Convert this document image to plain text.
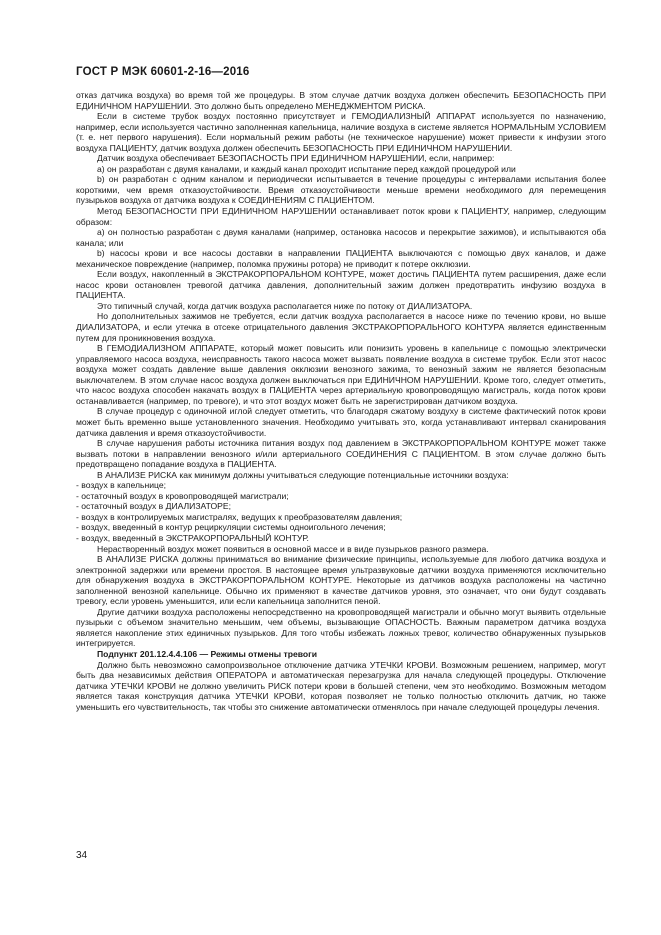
ГОСТ Р МЭК 60601-2-16—2016

отказ датчика воздуха) во время той же процедуры. В этом случае датчик воздуха должен обеспечить БЕЗОПАСНОСТЬ ПРИ ЕДИНИЧНОМ НАРУШЕНИИ. Это должно быть определено МЕНЕДЖМЕНТОМ РИСКА.

Если в системе трубок воздух постоянно присутствует и ГЕМОДИАЛИЗНЫЙ АППАРАТ используется по назначению, например, если используется частично заполненная капельница, наличие воздуха в системе является НОРМАЛЬНЫМ УСЛОВИЕМ (т. е. нет первого нарушения). Если нормальный режим работы (не техническое нарушение) может привести к инфузии этого воздуха ПАЦИЕНТУ, датчик воздуха должен обеспечить БЕЗОПАСНОСТЬ ПРИ ЕДИНИЧНОМ НАРУШЕНИИ.

Датчик воздуха обеспечивает БЕЗОПАСНОСТЬ ПРИ ЕДИНИЧНОМ НАРУШЕНИИ, если, например:

a) он разработан с двумя каналами, и каждый канал проходит испытание перед каждой процедурой или

b) он разработан с одним каналом и периодически испытывается в течение процедуры с интервалами испытания более короткими, чем время отказоустойчивости. Время отказоустойчивости меньше времени необходимого для перемещения пузырьков воздуха от датчика воздуха к СОЕДИНЕНИЯМ С ПАЦИЕНТОМ.

Метод БЕЗОПАСНОСТИ ПРИ ЕДИНИЧНОМ НАРУШЕНИИ останавливает поток крови к ПАЦИЕНТУ, например, следующим образом:

a) он полностью разработан с двумя каналами (например, остановка насосов и перекрытие зажимов), и испытываются оба канала; или

b) насосы крови и все насосы доставки в направлении ПАЦИЕНТА выключаются с помощью двух каналов, и даже механическое повреждение (например, поломка пружины ротора) не приводит к потере окклюзии.

Если воздух, накопленный в ЭКСТРАКОРПОРАЛЬНОМ КОНТУРЕ, может достичь ПАЦИЕНТА путем расширения, даже если насос крови остановлен тревогой датчика давления, дополнительный зажим должен предотвратить инфузию воздуха в ПАЦИЕНТА.

Это типичный случай, когда датчик воздуха располагается ниже по потоку от ДИАЛИЗАТОРА.

Но дополнительных зажимов не требуется, если датчик воздуха располагается в насосе ниже по течению крови, но выше ДИАЛИЗАТОРА, и если утечка в отсеке отрицательного давления ЭКСТРАКОРПОРАЛЬНОГО КОНТУРА является единственным путем для проникновения воздуха.

В ГЕМОДИАЛИЗНОМ АППАРАТЕ, который может повысить или понизить уровень в капельнице с помощью электрически управляемого насоса воздуха, неисправность такого насоса может вызвать появление воздуха в системе трубок. Если этот насос воздуха может создать давление выше давления окклюзии венозного зажима, то венозный зажим не является безопасным выключателем. В этом случае насос воздуха должен выключаться при ЕДИНИЧНОМ НАРУШЕНИИ. Кроме того, следует отметить, что насос воздуха способен накачать воздух в ПАЦИЕНТА через артериальную кровопроводящую магистраль, когда поток крови останавливается (например, по тревоге), и что этот воздух может быть не зарегистрирован датчиком воздуха.

В случае процедур с одиночной иглой следует отметить, что благодаря сжатому воздуху в системе фактический поток крови может быть временно выше установленного значения. Необходимо учитывать это, когда устанавливают интервал сканирования датчика давления и время отказоустойчивости.

В случае нарушения работы источника питания воздух под давлением в ЭКСТРАКОРПОРАЛЬНОМ КОНТУРЕ может также вызвать потоки в направлении венозного и/или артериального СОЕДИНЕНИЯ С ПАЦИЕНТОМ. В этом случае должно быть предотвращено попадание воздуха в ПАЦИЕНТА.

В АНАЛИЗЕ РИСКА как минимум должны учитываться следующие потенциальные источники воздуха:

- воздух в капельнице;

- остаточный воздух в кровопроводящей магистрали;

- остаточный воздух в ДИАЛИЗАТОРЕ;

- воздух в контролируемых магистралях, ведущих к преобразователям давления;

- воздух, введенный в контур рециркуляции системы одноигольного лечения;

- воздух, введенный в ЭКСТРАКОРПОРАЛЬНЫЙ КОНТУР.

Нерастворенный воздух может появиться в основной массе и в виде пузырьков разного размера.

В АНАЛИЗЕ РИСКА должны приниматься во внимание физические принципы, используемые для любого датчика воздуха и электронной задержки или времени простоя. В настоящее время ультразвуковые датчики воздуха применяются исключительно для обнаружения воздуха в ЭКСТРАКОРПОРАЛЬНОМ КОНТУРЕ. Некоторые из датчиков воздуха расположены на частично заполненной венозной капельнице. Обычно их применяют в качестве датчиков уровня, это означает, что они будут создавать тревогу, если уровень уменьшится, или если капельница заполнится пеной.

Другие датчики воздуха расположены непосредственно на кровопроводящей магистрали и обычно могут выявить отдельные пузырьки с объемом значительно меньшим, чем объемы, вызывающие ОПАСНОСТЬ. Важным параметром датчика воздуха является накопление этих единичных пузырьков. Для того чтобы избежать ложных тревог, количество обнаруженных пузырьков интегрируется.

Подпункт 201.12.4.4.106 — Режимы отмены тревоги

Должно быть невозможно самопроизвольное отключение датчика УТЕЧКИ КРОВИ. Возможным решением, например, могут быть два независимых действия ОПЕРАТОРА и автоматическая перезагрузка для начала следующей процедуры. Отключение датчика УТЕЧКИ КРОВИ не должно увеличить РИСК потери крови в большей степени, чем это необходимо. Возможным методом является такая конструкция датчика УТЕЧКИ КРОВИ, которая позволяет не только полностью отключить датчик, но также уменьшить его чувствительность, так чтобы это снижение автоматически отменялось при начале следующей процедуры лечения.

34
